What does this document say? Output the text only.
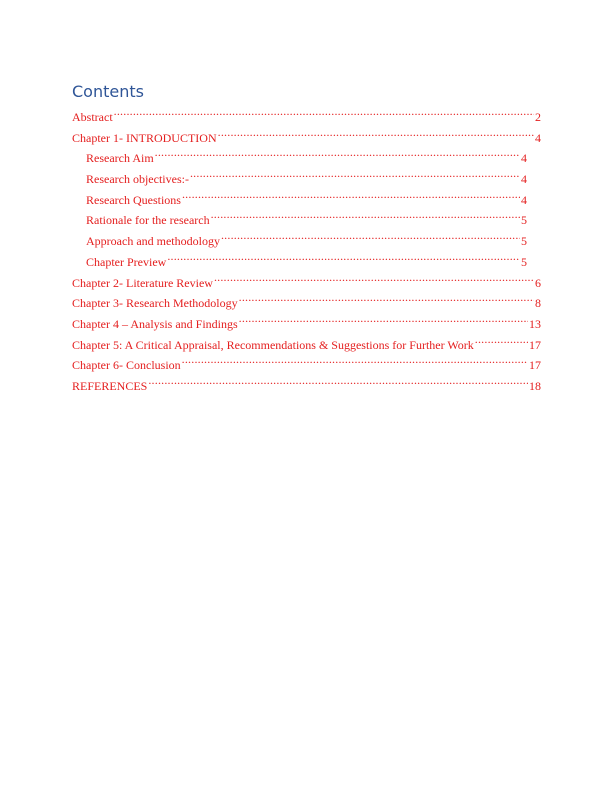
Contents
Abstract .....	2
Chapter 1- INTRODUCTION .....	4
Research Aim .....	4
Research objectives:- .....	4
Research Questions .....	4
Rationale for the research .....	5
Approach and methodology .....	5
Chapter Preview .....	5
Chapter 2- Literature Review .....	6
Chapter 3- Research Methodology .....	8
Chapter 4 – Analysis and Findings .....	13
Chapter 5: A Critical Appraisal, Recommendations & Suggestions for Further Work .....	17
Chapter 6- Conclusion .....	17
REFERENCES .....	18
